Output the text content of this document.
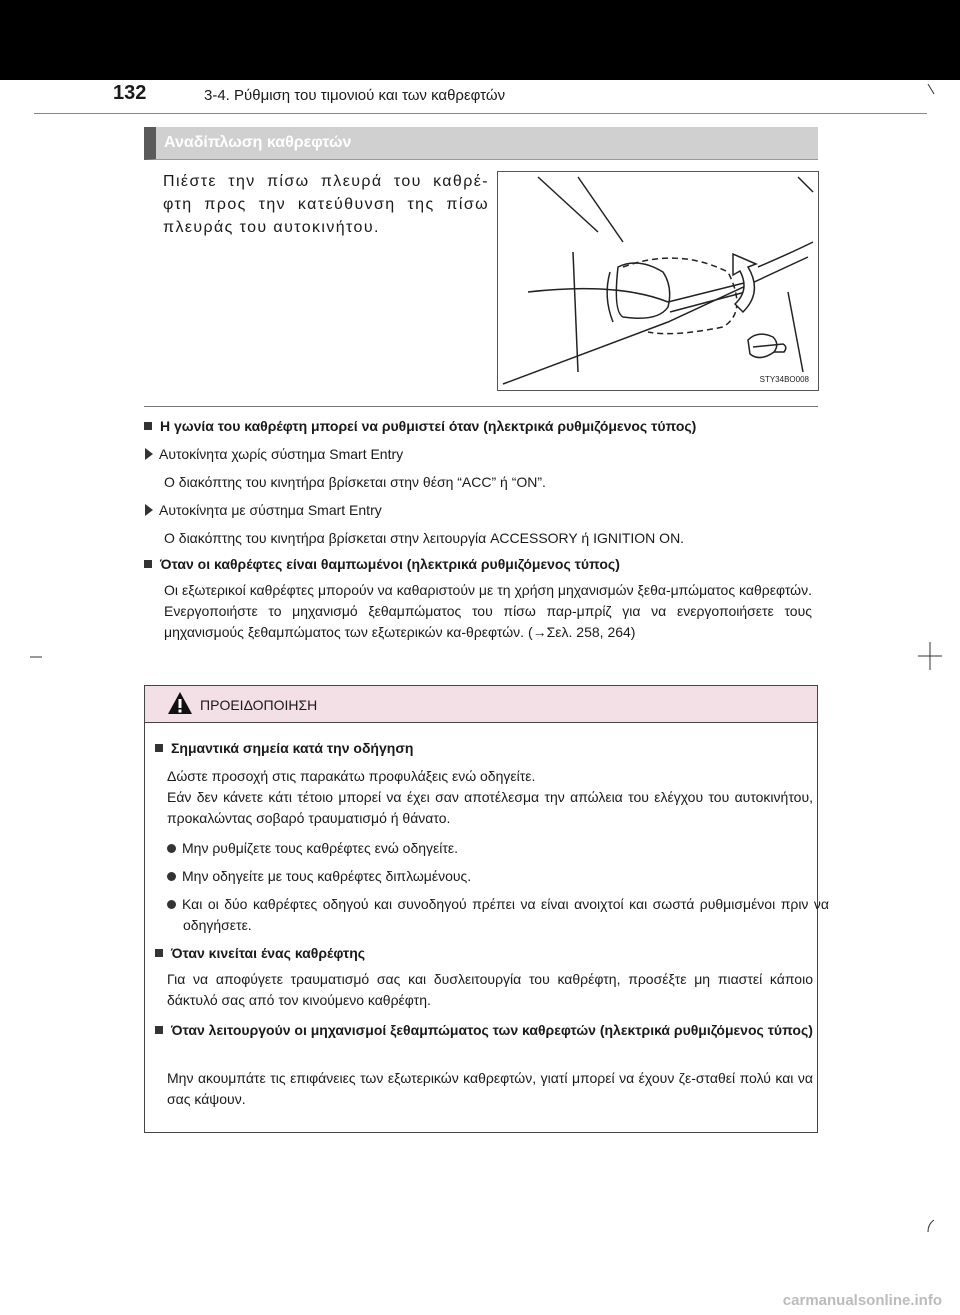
132	3-4. Ρύθμιση του τιμονιού και των καθρεφτών
Αναδίπλωση καθρεφτών
Πιέστε την πίσω πλευρά του καθρέ-φτη προς την κατεύθυνση της πίσω πλευράς του αυτοκινήτου.
STY34BO008
Η γωνία του καθρέφτη μπορεί να ρυθμιστεί όταν (ηλεκτρικά ρυθμιζόμενος τύπος)
Αυτοκίνητα χωρίς σύστημα Smart Entry
Ο διακόπτης του κινητήρα βρίσκεται στην θέση “ACC” ή “ON”.
Αυτοκίνητα με σύστημα Smart Entry
Ο διακόπτης του κινητήρα βρίσκεται στην λειτουργία ACCESSORY ή IGNITION ON.
Όταν οι καθρέφτες είναι θαμπωμένοι (ηλεκτρικά ρυθμιζόμενος τύπος)
Οι εξωτερικοί καθρέφτες μπορούν να καθαριστούν με τη χρήση μηχανισμών ξεθα-μπώματος καθρεφτών. Ενεργοποιήστε το μηχανισμό ξεθαμπώματος του πίσω παρ-μπρίζ για να ενεργοποιήσετε τους μηχανισμούς ξεθαμπώματος των εξωτερικών κα-θρεφτών. (→Σελ. 258, 264)
ΠΡΟΕΙΔΟΠΟΙΗΣΗ
Σημαντικά σημεία κατά την οδήγηση
Δώστε προσοχή στις παρακάτω προφυλάξεις ενώ οδηγείτε.
Εάν δεν κάνετε κάτι τέτοιο μπορεί να έχει σαν αποτέλεσμα την απώλεια του ελέγχου του αυτοκινήτου, προκαλώντας σοβαρό τραυματισμό ή θάνατο.
Μην ρυθμίζετε τους καθρέφτες ενώ οδηγείτε.
Μην οδηγείτε με τους καθρέφτες διπλωμένους.
Και οι δύο καθρέφτες οδηγού και συνοδηγού πρέπει να είναι ανοιχτοί και σωστά ρυθμισμένοι πριν να οδηγήσετε.
Όταν κινείται ένας καθρέφτης
Για να αποφύγετε τραυματισμό σας και δυσλειτουργία του καθρέφτη, προσέξτε μη πιαστεί κάποιο δάκτυλό σας από τον κινούμενο καθρέφτη.
Όταν λειτουργούν οι μηχανισμοί ξεθαμπώματος των καθρεφτών (ηλεκτρικά ρυθμιζόμενος τύπος)
Μην ακουμπάτε τις επιφάνειες των εξωτερικών καθρεφτών, γιατί μπορεί να έχουν ζε-σταθεί πολύ και να σας κάψουν.
carmanualsonline.info
